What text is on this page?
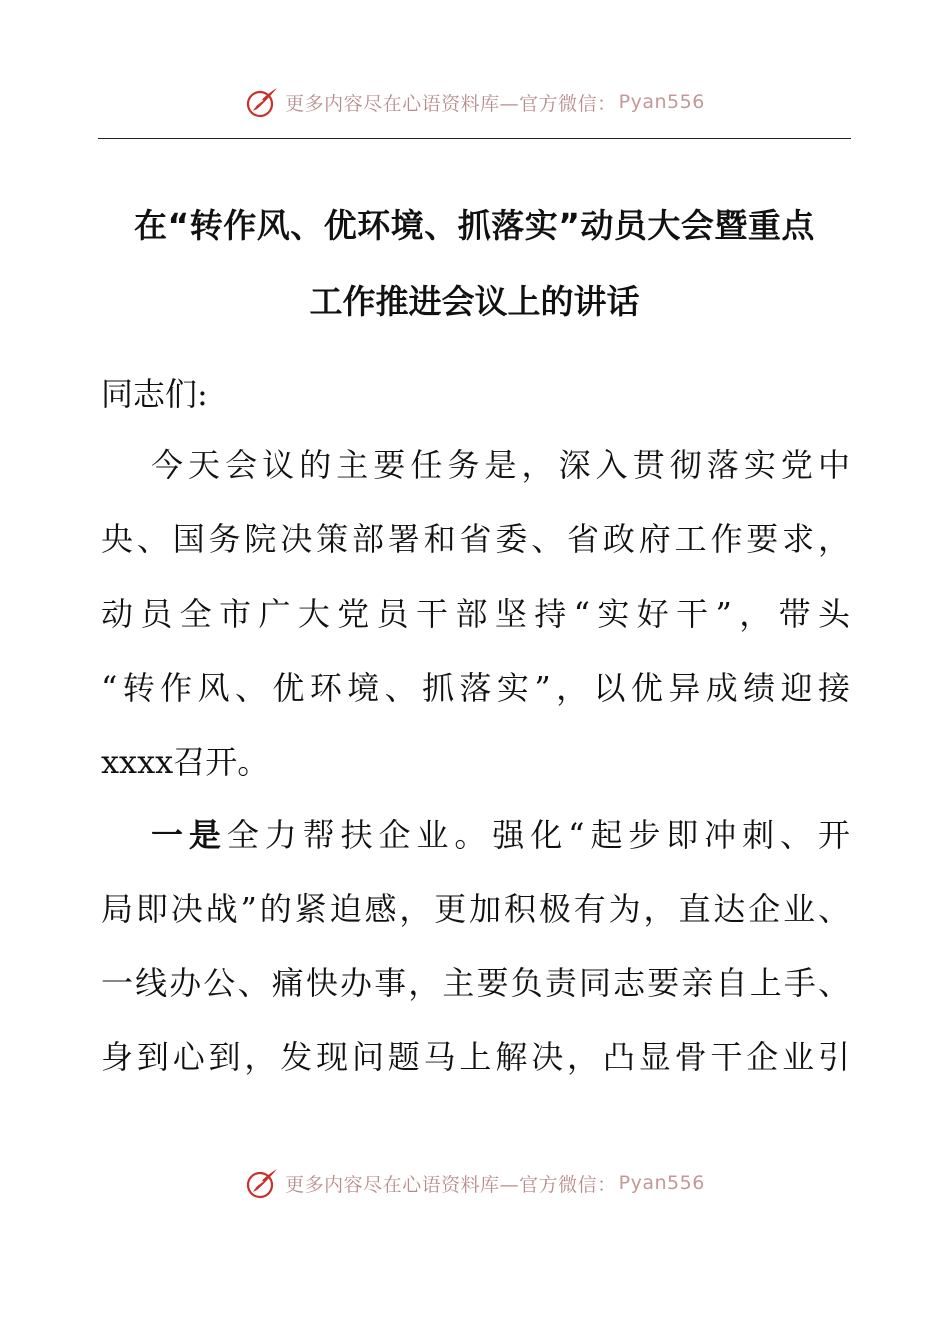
更多内容尽在心语资料库—官方微信： Pyan556
在“转作风、优环境、抓落实”动员大会暨重点
工作推进会议上的讲话
同志们:
今天会议的主要任务是，深入贯彻落实党中
央、国务院决策部署和省委、省政府工作要求，
动员全市广大党员干部坚持“实好干”，带头
“转作风、优环境、抓落实”，以优异成绩迎接
xxxx召开。
一是全力帮扶企业。强化“起步即冲刺、开
局即决战”的紧迫感，更加积极有为，直达企业、
一线办公、痛快办事，主要负责同志要亲自上手、
身到心到，发现问题马上解决，凸显骨干企业引
更多内容尽在心语资料库—官方微信： Pyan556
